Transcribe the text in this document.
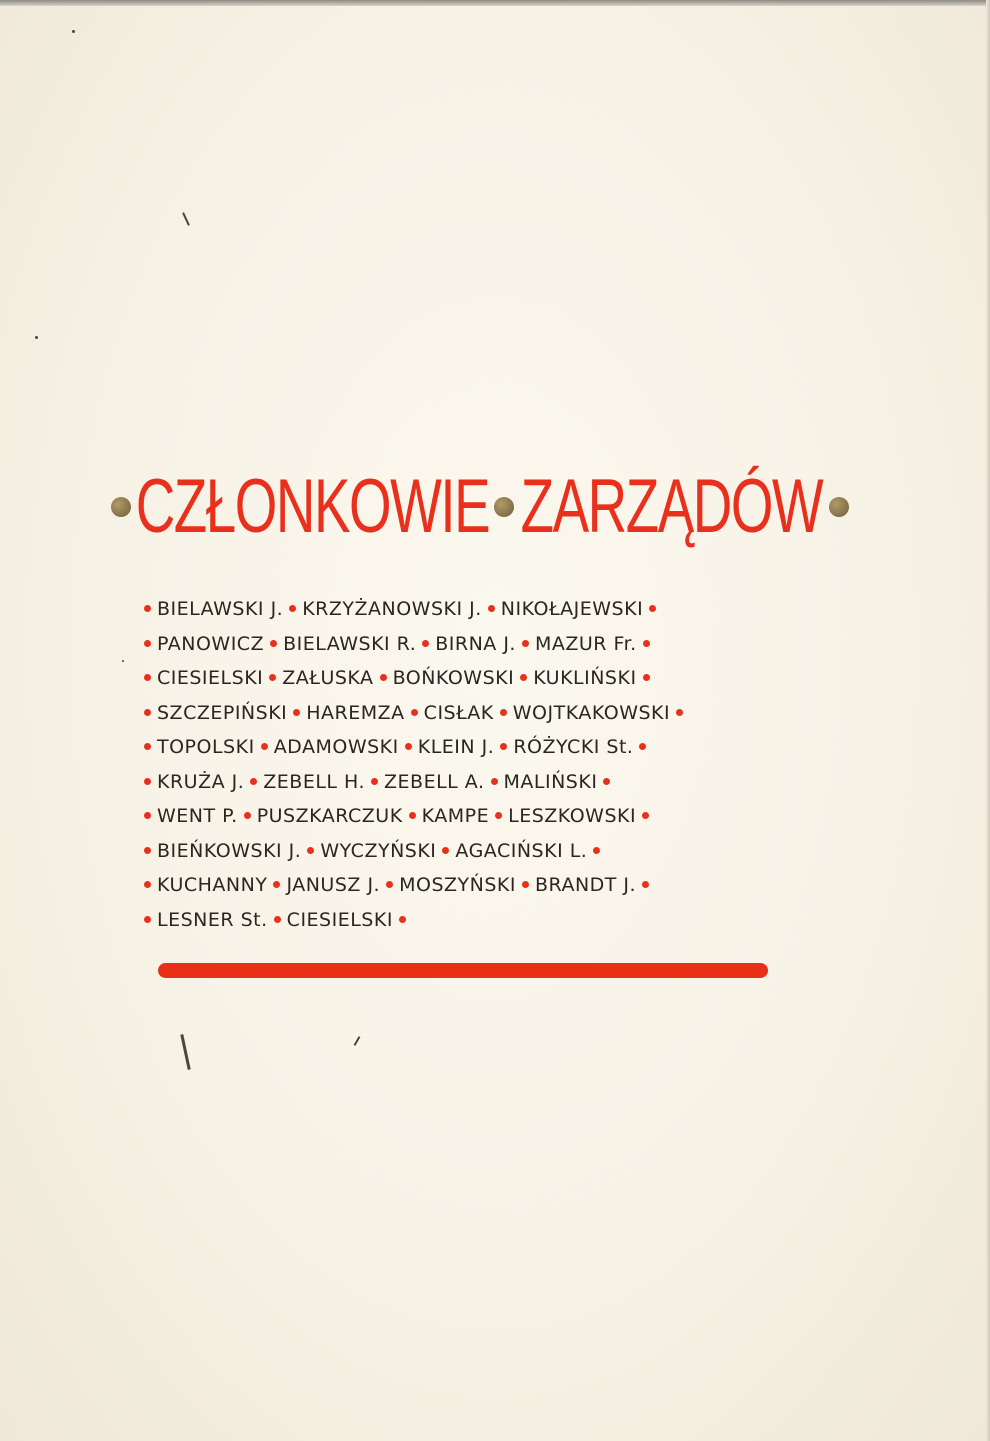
CZŁONKOWIE ZARZĄDÓW
BIELAWSKI J. KRZYŻANOWSKI J. NIKOŁAJEWSKI
PANOWICZ BIELAWSKI R. BIRNA J. MAZUR Fr.
CIESIELSKI ZAŁUSKA BOŃKOWSKI KUKLIŃSKI
SZCZEPIŃSKI HAREMZA CISŁAK WOJTKAKOWSKI
TOPOLSKI ADAMOWSKI KLEIN J. RÓŻYCKI St.
KRUŻA J. ZEBELL H. ZEBELL A. MALIŃSKI
WENT P. PUSZKARCZUK KAMPE LESZKOWSKI
BIEŃKOWSKI J. WYCZYŃSKI AGACIŃSKI L.
KUCHANNY JANUSZ J. MOSZYŃSKI BRANDT J.
LESNER St. CIESIELSKI
